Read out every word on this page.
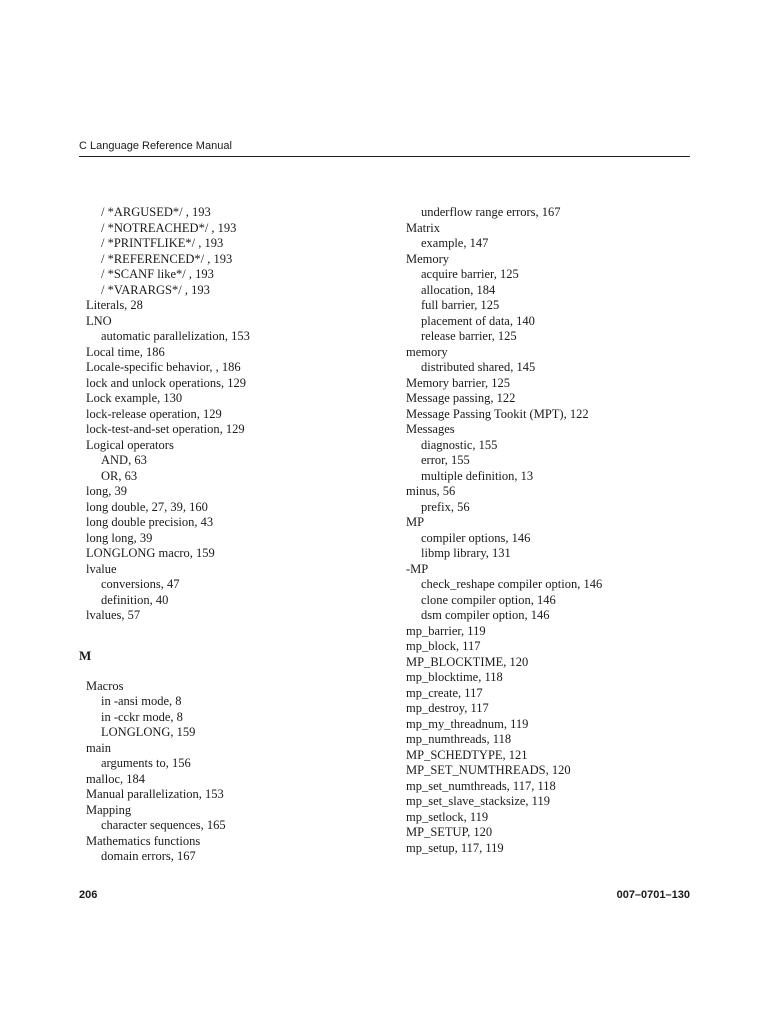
C Language Reference Manual
/ *ARGUSED*/ , 193
/ *NOTREACHED*/ , 193
/ *PRINTFLIKE*/ , 193
/ *REFERENCED*/ , 193
/ *SCANF like*/ , 193
/ *VARARGS*/ , 193
Literals, 28
LNO
automatic parallelization, 153
Local time, 186
Locale-specific behavior, , 186
lock and unlock operations, 129
Lock example, 130
lock-release operation, 129
lock-test-and-set operation, 129
Logical operators
AND, 63
OR, 63
long, 39
long double, 27, 39, 160
long double precision, 43
long long, 39
LONGLONG macro, 159
lvalue
conversions, 47
definition, 40
lvalues, 57
M
Macros
in -ansi mode, 8
in -cckr mode, 8
LONGLONG, 159
main
arguments to, 156
malloc, 184
Manual parallelization, 153
Mapping
character sequences, 165
Mathematics functions
domain errors, 167
underflow range errors, 167
Matrix
example, 147
Memory
acquire barrier, 125
allocation, 184
full barrier, 125
placement of data, 140
release barrier, 125
memory
distributed shared, 145
Memory barrier, 125
Message passing, 122
Message Passing Tookit (MPT), 122
Messages
diagnostic, 155
error, 155
multiple definition, 13
minus, 56
prefix, 56
MP
compiler options, 146
libmp library, 131
-MP
check_reshape compiler option, 146
clone compiler option, 146
dsm compiler option, 146
mp_barrier, 119
mp_block, 117
MP_BLOCKTIME, 120
mp_blocktime, 118
mp_create, 117
mp_destroy, 117
mp_my_threadnum, 119
mp_numthreads, 118
MP_SCHEDTYPE, 121
MP_SET_NUMTHREADS, 120
mp_set_numthreads, 117, 118
mp_set_slave_stacksize, 119
mp_setlock, 119
MP_SETUP, 120
mp_setup, 117, 119
206	007–0701–130
